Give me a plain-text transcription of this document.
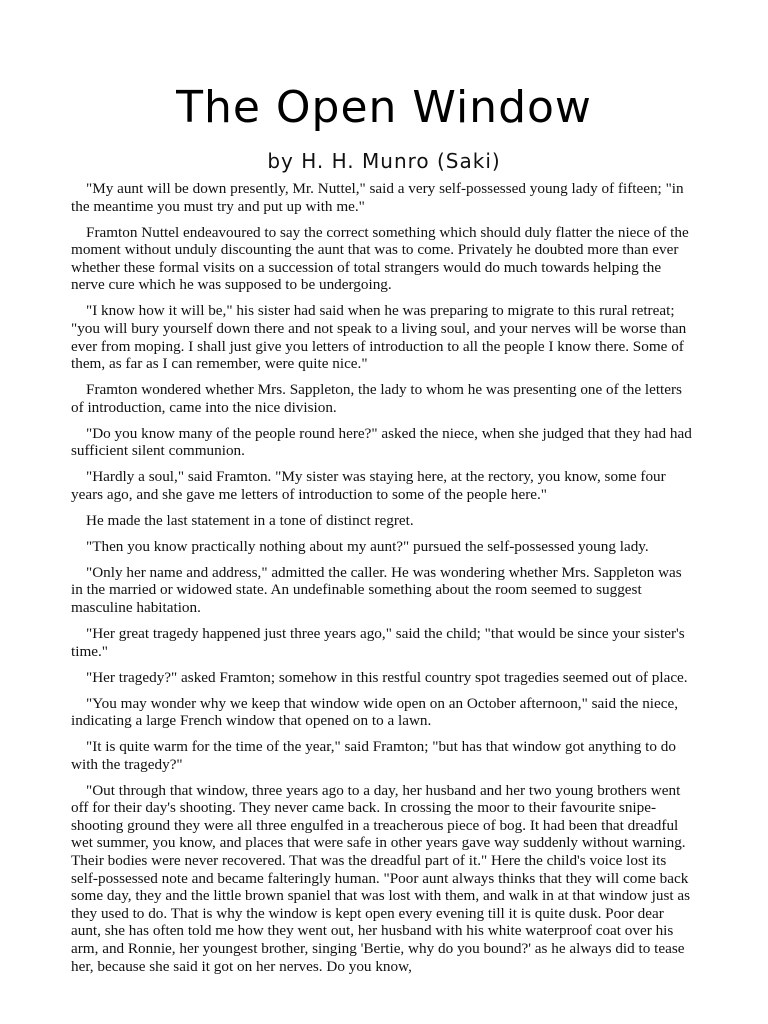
The Open Window
by H. H. Munro (Saki)

"My aunt will be down presently, Mr. Nuttel," said a very self-possessed young lady of fifteen; "in the meantime you must try and put up with me."

Framton Nuttel endeavoured to say the correct something which should duly flatter the niece of the moment without unduly discounting the aunt that was to come. Privately he doubted more than ever whether these formal visits on a succession of total strangers would do much towards helping the nerve cure which he was supposed to be undergoing.

"I know how it will be," his sister had said when he was preparing to migrate to this rural retreat; "you will bury yourself down there and not speak to a living soul, and your nerves will be worse than ever from moping. I shall just give you letters of introduction to all the people I know there. Some of them, as far as I can remember, were quite nice."

Framton wondered whether Mrs. Sappleton, the lady to whom he was presenting one of the letters of introduction, came into the nice division.

"Do you know many of the people round here?" asked the niece, when she judged that they had had sufficient silent communion.

"Hardly a soul," said Framton. "My sister was staying here, at the rectory, you know, some four years ago, and she gave me letters of introduction to some of the people here."

He made the last statement in a tone of distinct regret.

"Then you know practically nothing about my aunt?" pursued the self-possessed young lady.

"Only her name and address," admitted the caller. He was wondering whether Mrs. Sappleton was in the married or widowed state. An undefinable something about the room seemed to suggest masculine habitation.

"Her great tragedy happened just three years ago," said the child; "that would be since your sister's time."

"Her tragedy?" asked Framton; somehow in this restful country spot tragedies seemed out of place.

"You may wonder why we keep that window wide open on an October afternoon," said the niece, indicating a large French window that opened on to a lawn.

"It is quite warm for the time of the year," said Framton; "but has that window got anything to do with the tragedy?"

"Out through that window, three years ago to a day, her husband and her two young brothers went off for their day's shooting. They never came back. In crossing the moor to their favourite snipe-shooting ground they were all three engulfed in a treacherous piece of bog. It had been that dreadful wet summer, you know, and places that were safe in other years gave way suddenly without warning. Their bodies were never recovered. That was the dreadful part of it." Here the child's voice lost its self-possessed note and became falteringly human. "Poor aunt always thinks that they will come back some day, they and the little brown spaniel that was lost with them, and walk in at that window just as they used to do. That is why the window is kept open every evening till it is quite dusk. Poor dear aunt, she has often told me how they went out, her husband with his white waterproof coat over his arm, and Ronnie, her youngest brother, singing 'Bertie, why do you bound?' as he always did to tease her, because she said it got on her nerves. Do you know,
